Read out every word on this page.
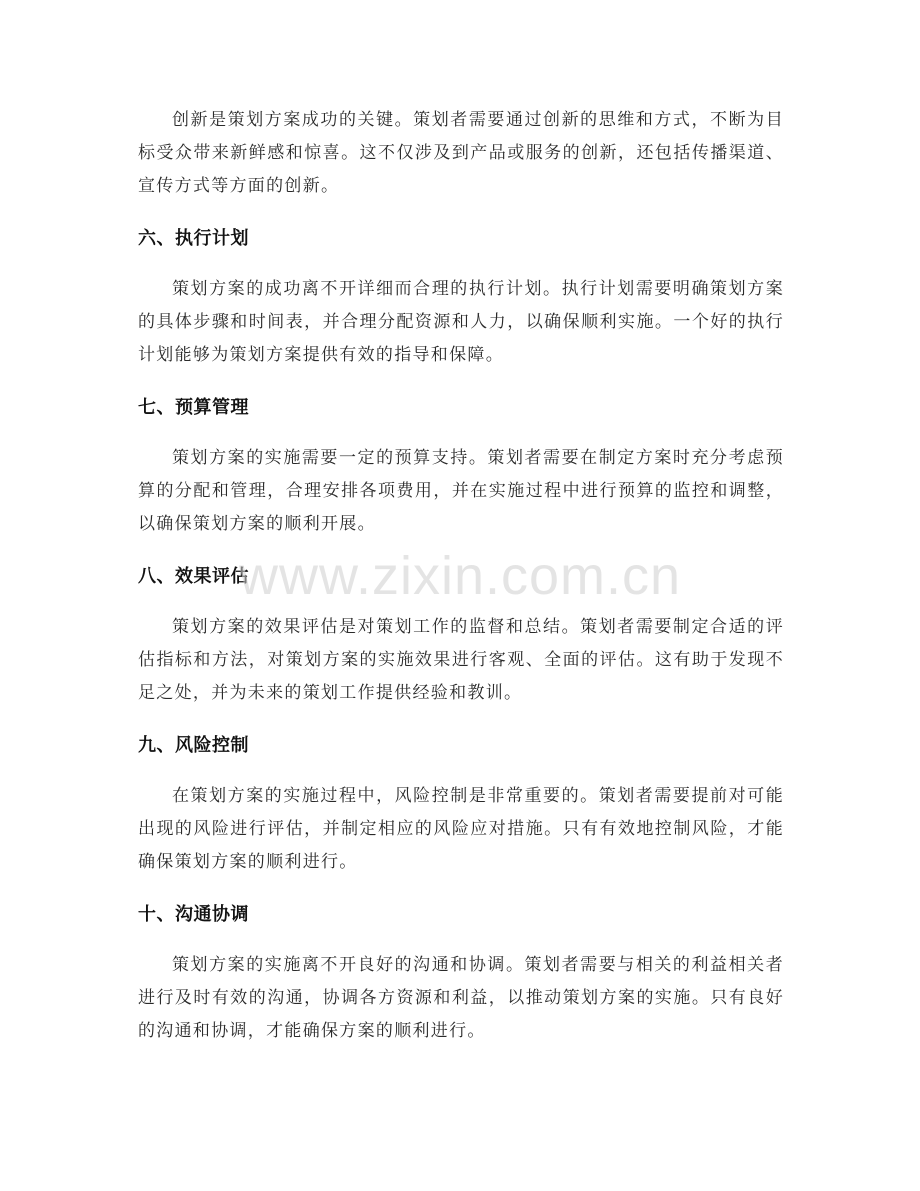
创新是策划方案成功的关键。策划者需要通过创新的思维和方式，不断为目标受众带来新鲜感和惊喜。这不仅涉及到产品或服务的创新，还包括传播渠道、宣传方式等方面的创新。

六、执行计划

策划方案的成功离不开详细而合理的执行计划。执行计划需要明确策划方案的具体步骤和时间表，并合理分配资源和人力，以确保顺利实施。一个好的执行计划能够为策划方案提供有效的指导和保障。

七、预算管理

策划方案的实施需要一定的预算支持。策划者需要在制定方案时充分考虑预算的分配和管理，合理安排各项费用，并在实施过程中进行预算的监控和调整，以确保策划方案的顺利开展。

八、效果评估

策划方案的效果评估是对策划工作的监督和总结。策划者需要制定合适的评估指标和方法，对策划方案的实施效果进行客观、全面的评估。这有助于发现不足之处，并为未来的策划工作提供经验和教训。

九、风险控制

在策划方案的实施过程中，风险控制是非常重要的。策划者需要提前对可能出现的风险进行评估，并制定相应的风险应对措施。只有有效地控制风险，才能确保策划方案的顺利进行。

十、沟通协调

策划方案的实施离不开良好的沟通和协调。策划者需要与相关的利益相关者进行及时有效的沟通，协调各方资源和利益，以推动策划方案的实施。只有良好的沟通和协调，才能确保方案的顺利进行。

www.zixin.com.cn
